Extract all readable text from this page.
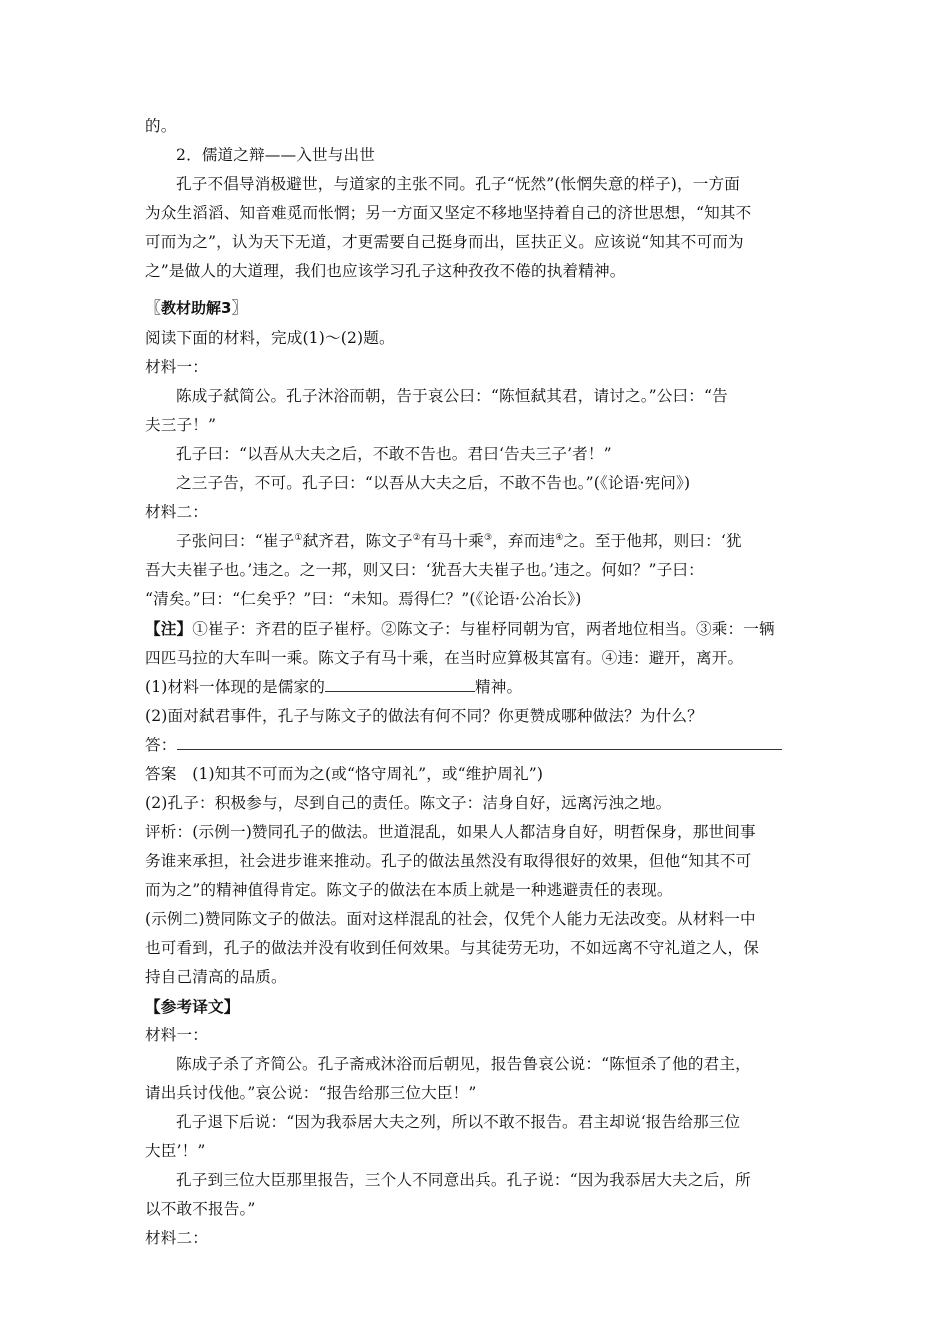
的。
2．儒道之辩——入世与出世
孔子不倡导消极避世，与道家的主张不同。孔子“怃然”(怅惘失意的样子)，一方面
为众生滔滔、知音难觅而怅惘；另一方面又坚定不移地坚持着自己的济世思想，“知其不
可而为之”，认为天下无道，才更需要自己挺身而出，匡扶正义。应该说“知其不可而为
之”是做人的大道理，我们也应该学习孔子这种孜孜不倦的执着精神。
〖教材助解3〗
阅读下面的材料，完成(1)～(2)题。
材料一：
陈成子弑简公。孔子沐浴而朝，告于哀公曰：“陈恒弑其君，请讨之。”公曰：“告
夫三子！”
孔子曰：“以吾从大夫之后，不敢不告也。君曰‘告夫三子’者！”
之三子告，不可。孔子曰：“以吾从大夫之后，不敢不告也。”(《论语·宪问》)
材料二：
子张问曰：“崔子①弑齐君，陈文子②有马十乘③，弃而违④之。至于他邦，则曰：‘犹
吾大夫崔子也。’违之。之一邦，则又曰：‘犹吾大夫崔子也。’违之。何如？”子曰：
“清矣。”曰：“仁矣乎？”曰：“未知。焉得仁？”(《论语·公冶长》)
【注】①崔子：齐君的臣子崔杼。②陈文子：与崔杼同朝为官，两者地位相当。③乘：一辆
四匹马拉的大车叫一乘。陈文子有马十乘，在当时应算极其富有。④违：避开，离开。
(1)材料一体现的是儒家的	精神。
(2)面对弑君事件，孔子与陈文子的做法有何不同？你更赞成哪种做法？为什么？
答：
答案  (1)知其不可而为之(或“恪守周礼”，或“维护周礼”)
(2)孔子：积极参与，尽到自己的责任。陈文子：洁身自好，远离污浊之地。
评析：(示例一)赞同孔子的做法。世道混乱，如果人人都洁身自好，明哲保身，那世间事
务谁来承担，社会进步谁来推动。孔子的做法虽然没有取得很好的效果，但他“知其不可
而为之”的精神值得肯定。陈文子的做法在本质上就是一种逃避责任的表现。
(示例二)赞同陈文子的做法。面对这样混乱的社会，仅凭个人能力无法改变。从材料一中
也可看到，孔子的做法并没有收到任何效果。与其徒劳无功，不如远离不守礼道之人，保
持自己清高的品质。
【参考译文】
材料一：
陈成子杀了齐简公。孔子斋戒沐浴而后朝见，报告鲁哀公说：“陈恒杀了他的君主，
请出兵讨伐他。”哀公说：“报告给那三位大臣！”
孔子退下后说：“因为我忝居大夫之列，所以不敢不报告。君主却说‘报告给那三位
大臣’！”
孔子到三位大臣那里报告，三个人不同意出兵。孔子说：“因为我忝居大夫之后，所
以不敢不报告。”
材料二：
